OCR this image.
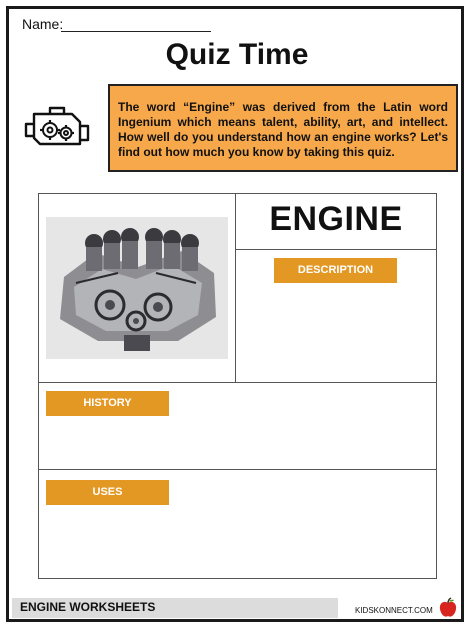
Name:
Quiz Time
The word “Engine” was derived from the Latin word Ingenium which means talent, ability, art, and intellect. How well do you understand how an engine works? Let's find out how much you know by taking this quiz.
ENGINE
DESCRIPTION
HISTORY
USES
ENGINE WORKSHEETS	KIDSKONNECT.COM
